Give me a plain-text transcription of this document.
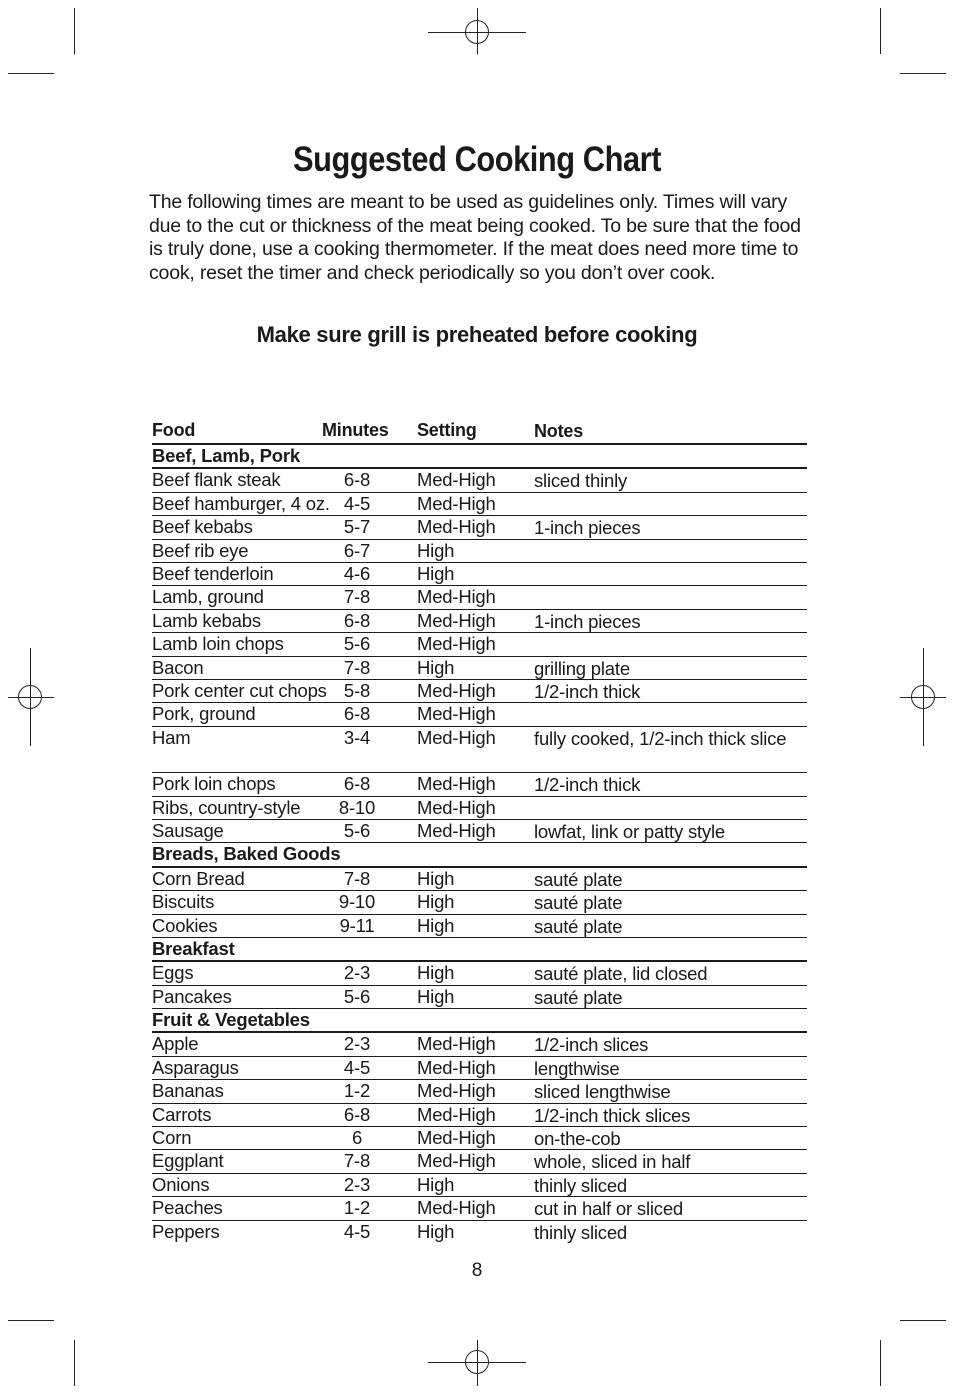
Suggested Cooking Chart
The following times are meant to be used as guidelines only. Times will vary due to the cut or thickness of the meat being cooked. To be sure that the food is truly done, use a cooking thermometer. If the meat does need more time to cook, reset the timer and check periodically so you don’t over cook.
Make sure grill is preheated before cooking
Food	Minutes Setting	Notes
Beef, Lamb, Pork
Beef flank steak	6-8	Med-High sliced thinly
Beef hamburger, 4 oz. 4-5	Med-High
Beef kebabs	5-7	Med-High 1-inch pieces
Beef rib eye	6-7	High
Beef tenderloin	4-6	High
Lamb, ground	7-8	Med-High
Lamb kebabs	6-8	Med-High 1-inch pieces
Lamb loin chops	5-6	Med-High
Bacon	7-8	High	grilling plate
Pork center cut chops 5-8	Med-High 1/2-inch thick
Pork, ground	6-8	Med-High
Ham	3-4	Med-High fully cooked, 1/2-inch thick slice
Pork loin chops	6-8	Med-High 1/2-inch thick
Ribs, country-style	8-10	Med-High
Sausage	5-6	Med-High lowfat, link or patty style
Breads, Baked Goods
Corn Bread	7-8	High	sauté plate
Biscuits	9-10	High	sauté plate
Cookies	9-11	High	sauté plate
Breakfast
Eggs	2-3	High	sauté plate, lid closed
Pancakes	5-6	High	sauté plate
Fruit & Vegetables
Apple	2-3	Med-High 1/2-inch slices
Asparagus	4-5	Med-High lengthwise
Bananas	1-2	Med-High sliced lengthwise
Carrots	6-8	Med-High 1/2-inch thick slices
Corn	6	Med-High on-the-cob
Eggplant	7-8	Med-High whole, sliced in half
Onions	2-3	High	thinly sliced
Peaches	1-2	Med-High cut in half or sliced
Peppers	4-5	High	thinly sliced
8
